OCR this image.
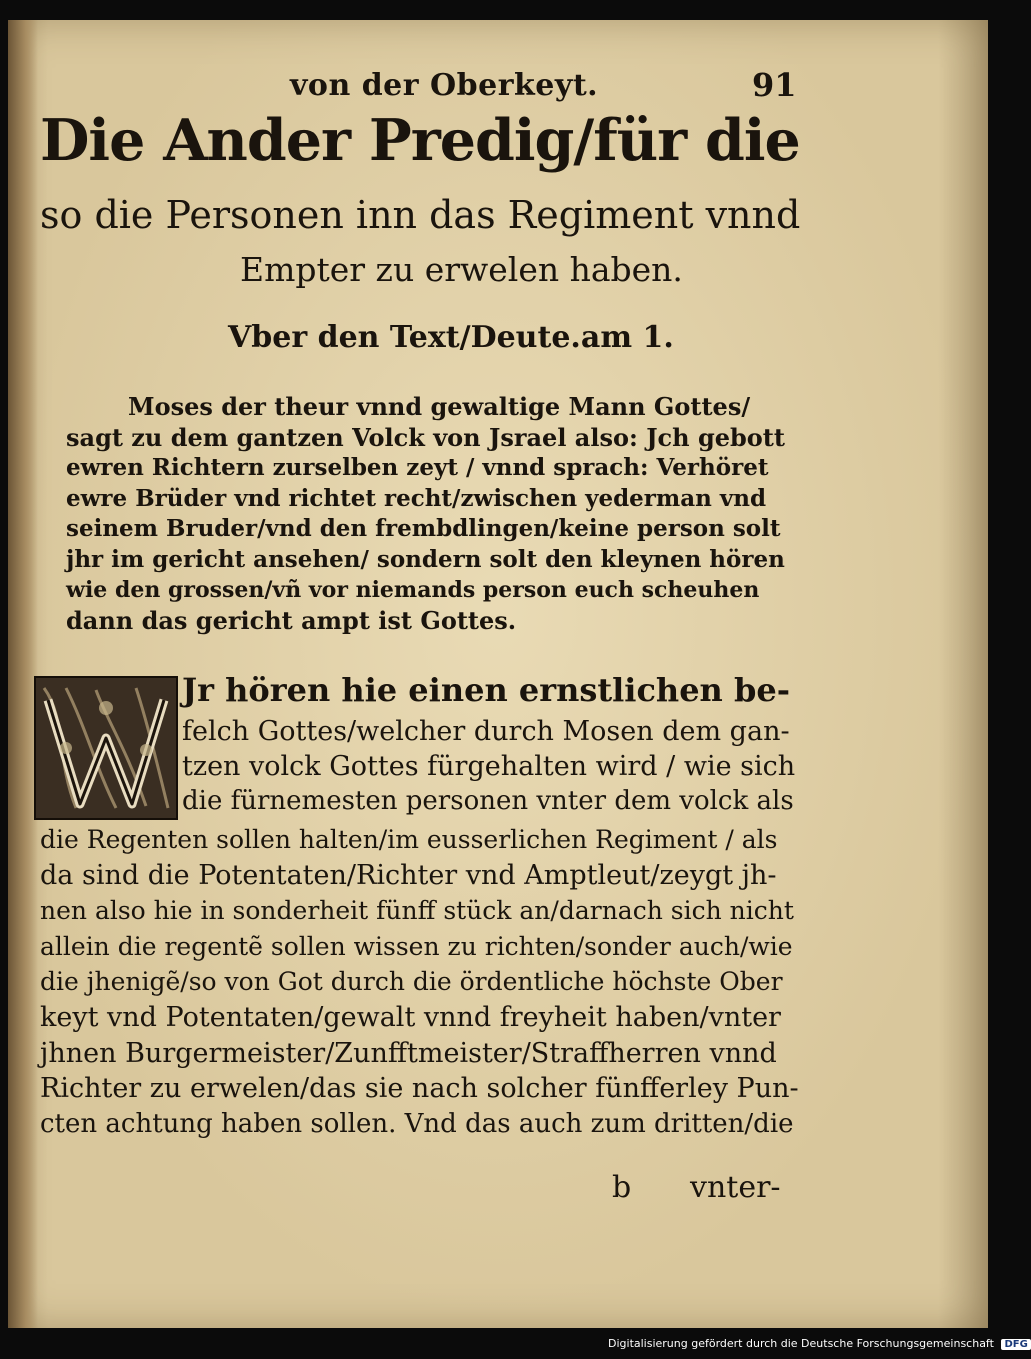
von der Oberkeyt.	91
Die Ander Predig/für die
so die Personen inn das Regiment vnnd
Empter zu erwelen haben.
Vber den Text/Deute.am 1.
Moses der theur vnnd gewaltige Mann Gottes/
sagt zu dem gantzen Volck von Jsrael also: Jch gebott
ewren Richtern zurselben zeyt / vnnd sprach: Verhöret
ewre Brüder vnd richtet recht/zwischen yederman vnd
seinem Bruder/vnd den frembdlingen/keine person solt
jhr im gericht ansehen/ sondern solt den kleynen hören
wie den grossen/vñ vor niemands person euch scheuhen
dann das gericht ampt ist Gottes.
Jr hören hie einen ernstlichen be-
felch Gottes/welcher durch Mosen dem gan-
tzen volck Gottes fürgehalten wird / wie sich
die fürnemesten personen vnter dem volck als
die Regenten sollen halten/im eusserlichen Regiment / als
da sind die Potentaten/Richter vnd Amptleut/zeygt jh-
nen also hie in sonderheit fünff stück an/darnach sich nicht
allein die regentẽ sollen wissen zu richten/sonder auch/wie
die jhenigẽ/so von Got durch die ördentliche höchste Ober
keyt vnd Potentaten/gewalt vnnd freyheit haben/vnter
jhnen Burgermeister/Zunfftmeister/Straffherren vnnd
Richter zu erwelen/das sie nach solcher fünfferley Pun-
cten achtung haben sollen. Vnd das auch zum dritten/die
b vnter-
Digitalisierung gefördert durch die Deutsche Forschungsgemeinschaft DFG
